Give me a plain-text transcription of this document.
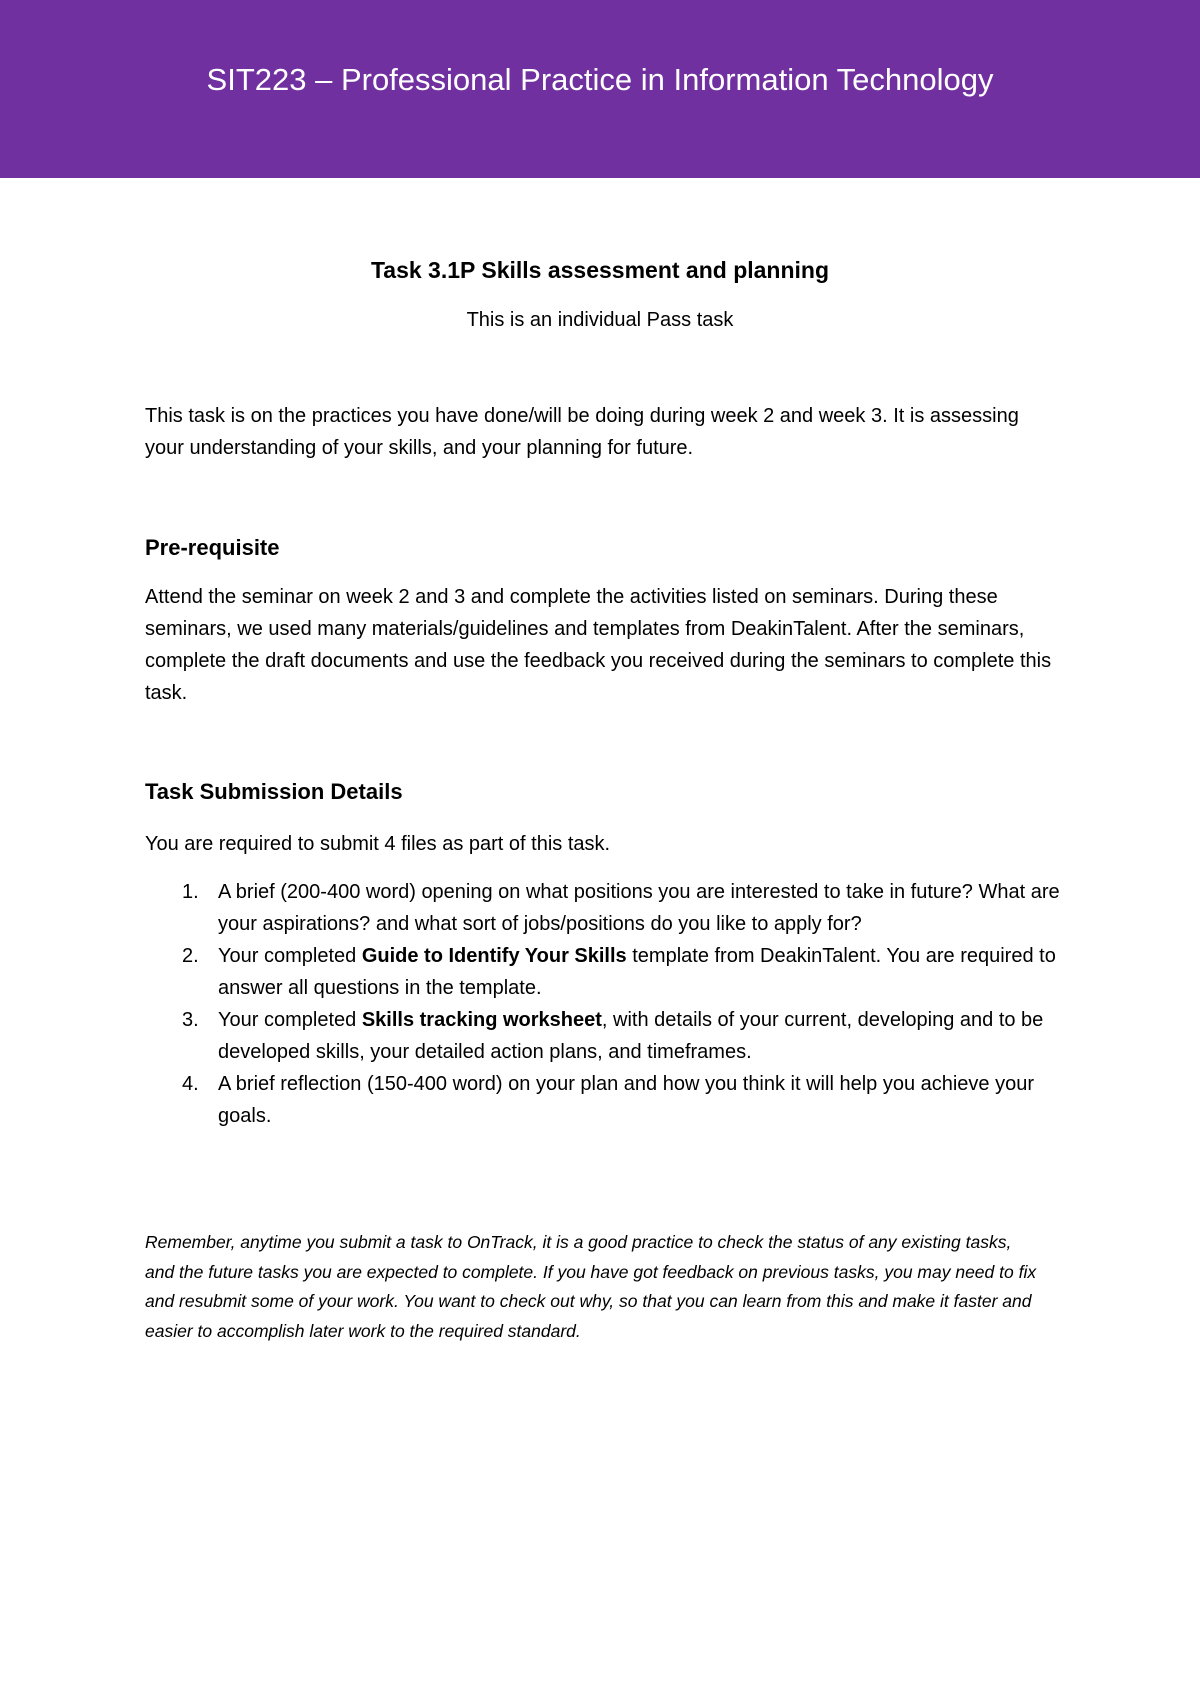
SIT223 – Professional Practice in Information Technology
Task 3.1P Skills assessment and planning

This is an individual Pass task

This task is on the practices you have done/will be doing during week 2 and week 3. It is assessing your understanding of your skills, and your planning for future.

Pre-requisite

Attend the seminar on week 2 and 3 and complete the activities listed on seminars. During these seminars, we used many materials/guidelines and templates from DeakinTalent. After the seminars, complete the draft documents and use the feedback you received during the seminars to complete this task.

Task Submission Details

You are required to submit 4 files as part of this task.

1. A brief (200-400 word) opening on what positions you are interested to take in future? What are your aspirations? and what sort of jobs/positions do you like to apply for?
2. Your completed Guide to Identify Your Skills template from DeakinTalent. You are required to answer all questions in the template.
3. Your completed Skills tracking worksheet, with details of your current, developing and to be developed skills, your detailed action plans, and timeframes.
4. A brief reflection (150-400 word) on your plan and how you think it will help you achieve your goals.

Remember, anytime you submit a task to OnTrack, it is a good practice to check the status of any existing tasks, and the future tasks you are expected to complete. If you have got feedback on previous tasks, you may need to fix and resubmit some of your work. You want to check out why, so that you can learn from this and make it faster and easier to accomplish later work to the required standard.
